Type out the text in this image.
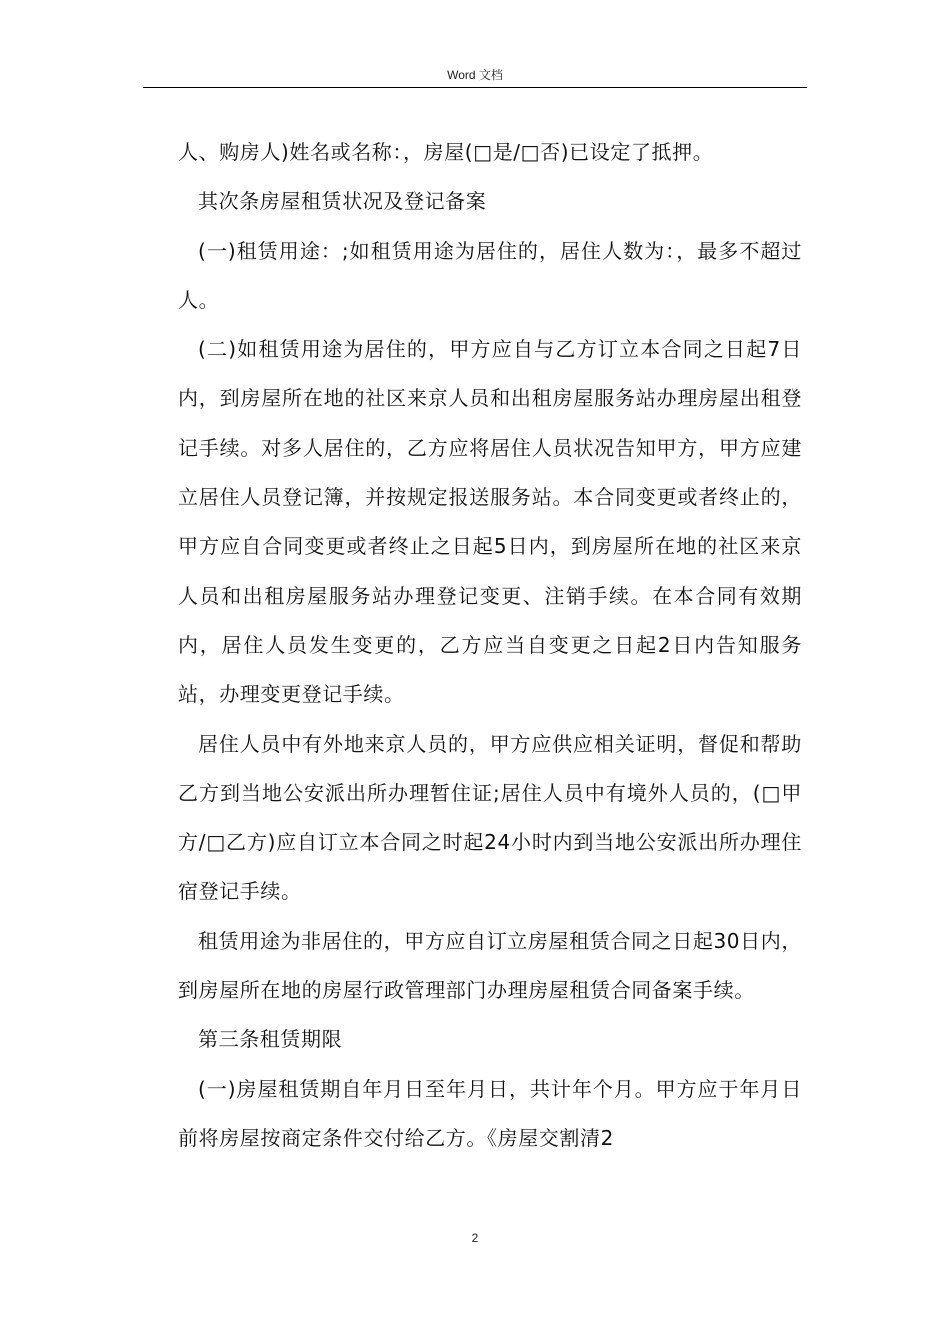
Word 文档

人、购房人)姓名或名称：，房屋(□是/□否)已设定了抵押。

其次条房屋租赁状况及登记备案

(一)租赁用途：;如租赁用途为居住的，居住人数为：，最多不超过人。

(二)如租赁用途为居住的，甲方应自与乙方订立本合同之日起7日内，到房屋所在地的社区来京人员和出租房屋服务站办理房屋出租登记手续。对多人居住的，乙方应将居住人员状况告知甲方，甲方应建立居住人员登记簿，并按规定报送服务站。本合同变更或者终止的，甲方应自合同变更或者终止之日起5日内，到房屋所在地的社区来京人员和出租房屋服务站办理登记变更、注销手续。在本合同有效期内，居住人员发生变更的，乙方应当自变更之日起2日内告知服务站，办理变更登记手续。

居住人员中有外地来京人员的，甲方应供应相关证明，督促和帮助乙方到当地公安派出所办理暂住证;居住人员中有境外人员的，(□甲方/□乙方)应自订立本合同之时起24小时内到当地公安派出所办理住宿登记手续。

租赁用途为非居住的，甲方应自订立房屋租赁合同之日起30日内，到房屋所在地的房屋行政管理部门办理房屋租赁合同备案手续。

第三条租赁期限

(一)房屋租赁期自年月日至年月日，共计年个月。甲方应于年月日前将房屋按商定条件交付给乙方。《房屋交割清2

2
